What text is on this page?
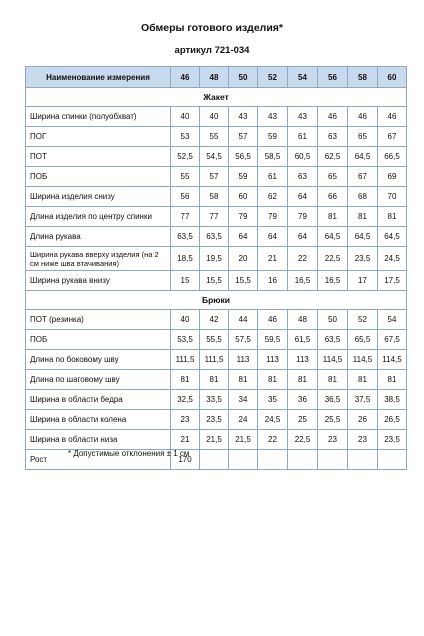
Обмеры готового изделия*
артикул 721-034
Наименование измерения	46	48	50	52	54	56	58	60
Жакет								
Ширина спинки (полуобхват)	40	40	43	43	43	46	46	46
ПОГ	53	55	57	59	61	63	65	67
ПОТ	52,5	54,5	56,5	58,5	60,5	62,5	64,5	66,5
ПОБ	55	57	59	61	63	65	67	69
Ширина изделия снизу	56	58	60	62	64	66	68	70
Длина изделия по центру спинки	77	77	79	79	79	81	81	81
Длина рукава	63,5	63,5	64	64	64	64,5	64,5	64,5
Ширина рукава вверху изделия (на 2 см ниже шва втачивания)	18,5	19,5	20	21	22	22,5	23,5	24,5
Ширина рукава внизу	15	15,5	15,5	16	16,5	16,5	17	17,5
Брюки								
ПОТ (резинка)	40	42	44	46	48	50	52	54
ПОБ	53,5	55,5	57,5	59,5	61,5	63,5	65,5	67,5
Длина по боковому шву	111,5	111,5	113	113	113	114,5	114,5	114,5
Длина по шаговому шву	81	81	81	81	81	81	81	81
Ширина в области бедра	32,5	33,5	34	35	36	36,5	37,5	38,5
Ширина в области колена	23	23,5	24	24,5	25	25,5	26	26,5
Ширина в области низа	21	21,5	21,5	22	22,5	23	23	23,5
Рост	170							
* Допустимые отклонения ± 1 см
